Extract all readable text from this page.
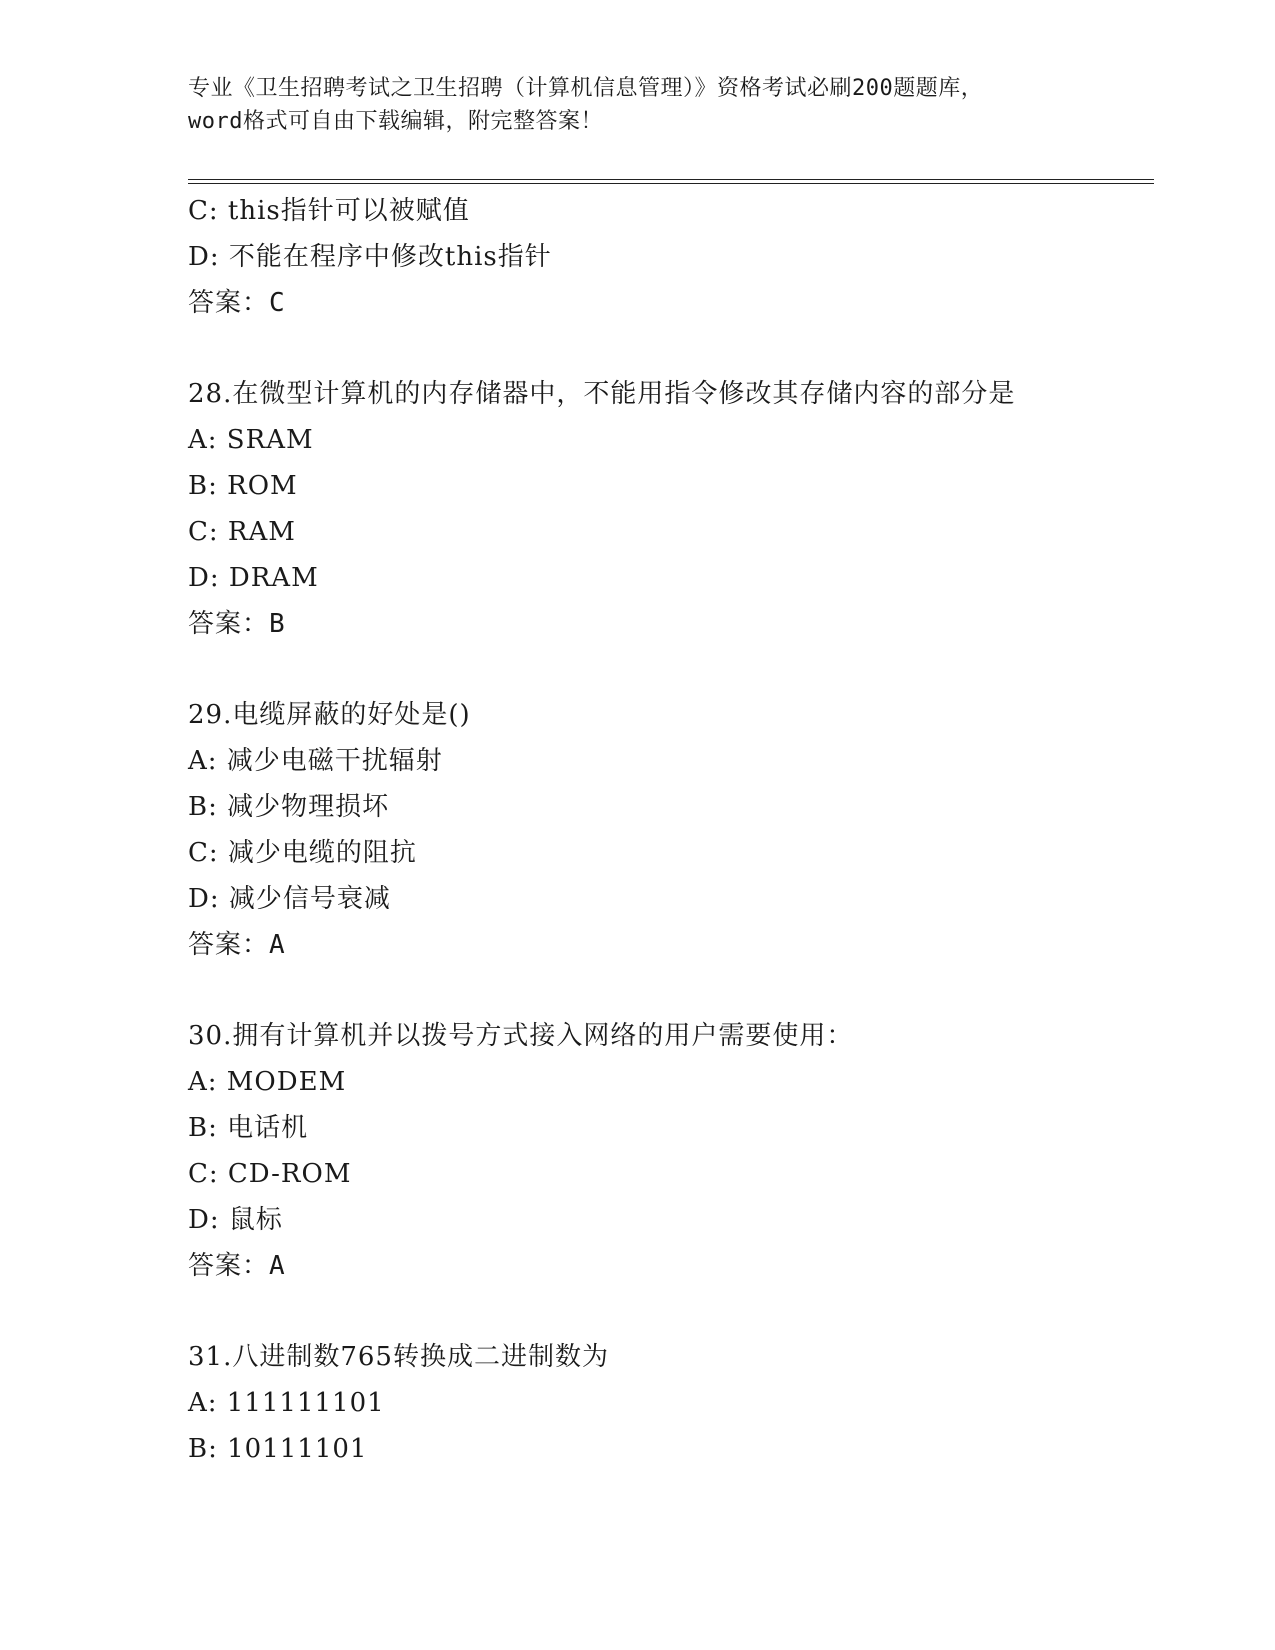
专业《卫生招聘考试之卫生招聘（计算机信息管理）》资格考试必刷200题题库，
word格式可自由下载编辑，附完整答案！
C: this指针可以被赋值
D: 不能在程序中修改this指针
答案：C
28.在微型计算机的内存储器中，不能用指令修改其存储内容的部分是
A: SRAM
B: ROM
C: RAM
D: DRAM
答案：B
29.电缆屏蔽的好处是()
A: 减少电磁干扰辐射
B: 减少物理损坏
C: 减少电缆的阻抗
D: 减少信号衰减
答案：A
30.拥有计算机并以拨号方式接入网络的用户需要使用：
A: MODEM
B: 电话机
C: CD-ROM
D: 鼠标
答案：A
31.八进制数765转换成二进制数为
A: 111111101
B: 10111101
